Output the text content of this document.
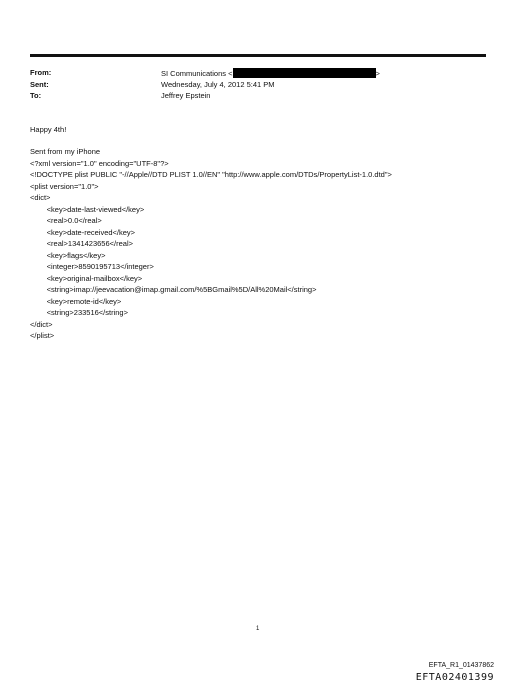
From:	SI Communications <	>
Sent:	Wednesday, July 4, 2012 5:41 PM
To:	Jeffrey Epstein
Happy 4th!
Sent from my iPhone
<?xml version="1.0" encoding="UTF-8"?>
<!DOCTYPE plist PUBLIC "-//Apple//DTD PLIST 1.0//EN" "http://www.apple.com/DTDs/PropertyList-1.0.dtd">
<plist version="1.0">
<dict>
<key>date-last-viewed</key>
<real>0.0</real>
<key>date-received</key>
<real>1341423656</real>
<key>flags</key>
<integer>8590195713</integer>
<key>original-mailbox</key>
<string>imap://jeevacation@imap.gmail.com/%5BGmail%5D/All%20Mail</string>
<key>remote-id</key>
<string>233516</string>
</dict>
</plist>
1
EFTA_R1_01437862
EFTA02401399
